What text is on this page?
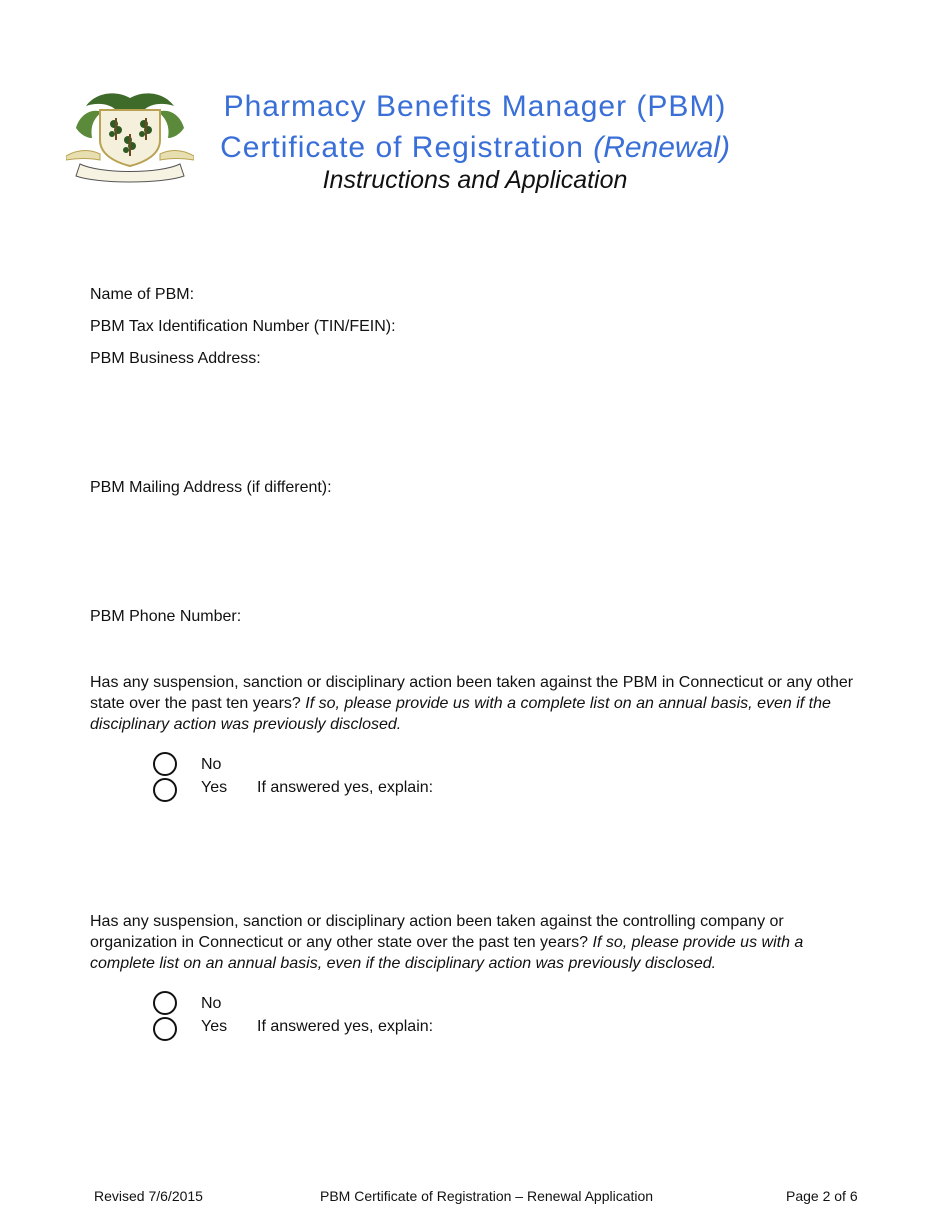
Pharmacy Benefits Manager (PBM)
Certificate of Registration (Renewal)
Instructions and Application
Name of PBM:
PBM Tax Identification Number (TIN/FEIN):
PBM Business Address:
PBM Mailing Address (if different):
PBM Phone Number:
Has any suspension, sanction or disciplinary action been taken against the PBM in Connecticut or any other state over the past ten years? If so, please provide us with a complete list on an annual basis, even if the disciplinary action was previously disclosed.
No
Yes If answered yes, explain:
Has any suspension, sanction or disciplinary action been taken against the controlling company or organization in Connecticut or any other state over the past ten years? If so, please provide us with a complete list on an annual basis, even if the disciplinary action was previously disclosed.
No
Yes If answered yes, explain:
Revised 7/6/2015	PBM Certificate of Registration – Renewal Application	Page 2 of 6
